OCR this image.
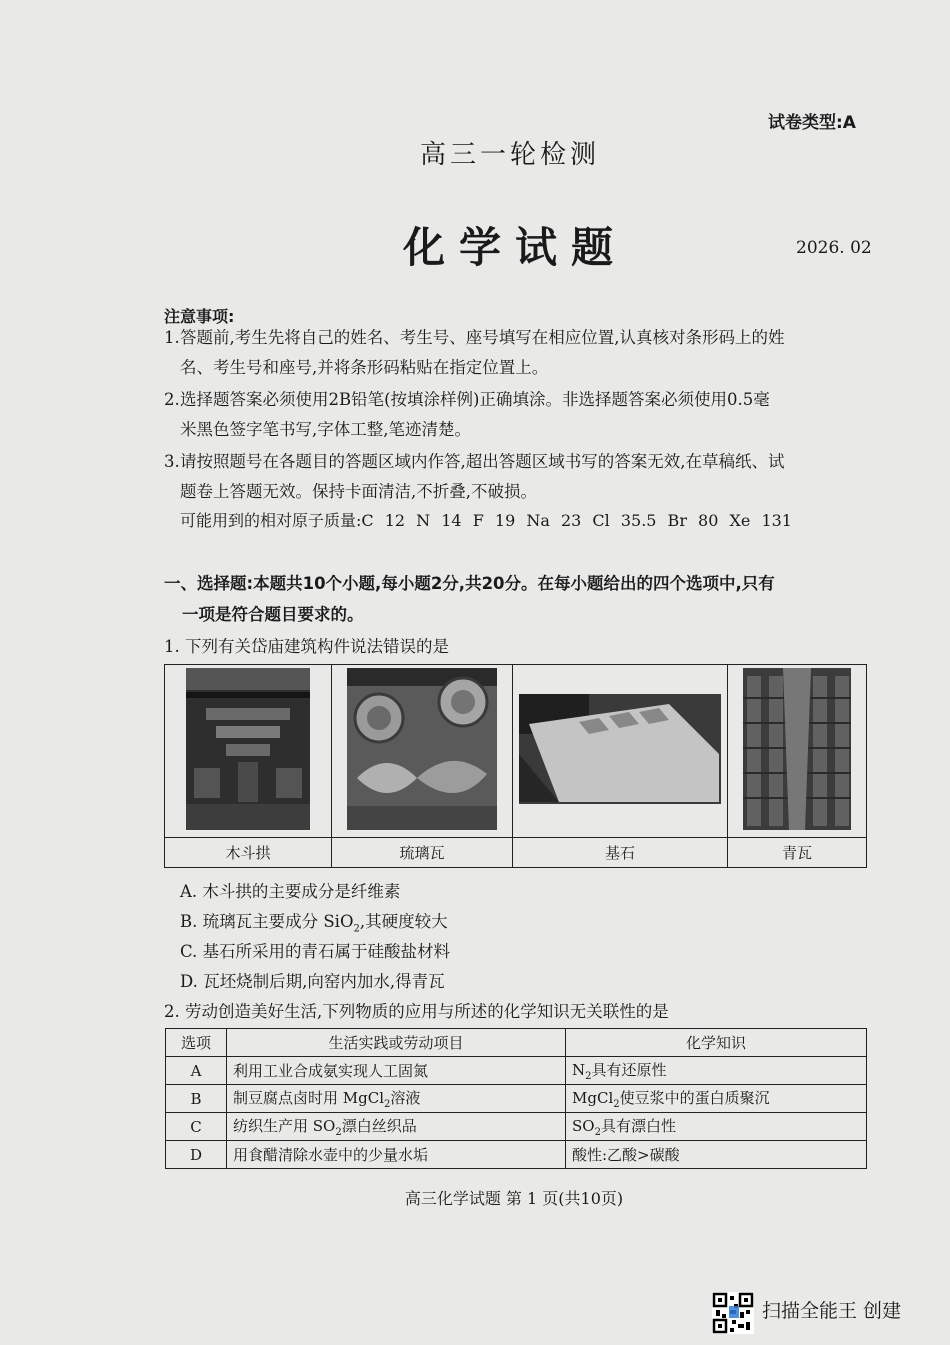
试卷类型:A
高三一轮检测
化学试题	2026. 02
注意事项:
1.答题前,考生先将自己的姓名、考生号、座号填写在相应位置,认真核对条形码上的姓
名、考生号和座号,并将条形码粘贴在指定位置上。
2.选择题答案必须使用2B铅笔(按填涂样例)正确填涂。非选择题答案必须使用0.5毫
米黑色签字笔书写,字体工整,笔迹清楚。
3.请按照题号在各题目的答题区域内作答,超出答题区域书写的答案无效,在草稿纸、试
题卷上答题无效。保持卡面清洁,不折叠,不破损。
可能用到的相对原子质量:C 12 N 14 F 19 Na 23 Cl 35.5 Br 80 Xe 131
一、选择题:本题共10个小题,每小题2分,共20分。在每小题给出的四个选项中,只有
一项是符合题目要求的。
1. 下列有关岱庙建筑构件说法错误的是

木斗拱	琉璃瓦	基石	青瓦
A. 木斗拱的主要成分是纤维素
B. 琉璃瓦主要成分 SiO$_2$,其硬度较大
C. 基石所采用的青石属于硅酸盐材料
D. 瓦坯烧制后期,向窑内加水,得青瓦
2. 劳动创造美好生活,下列物质的应用与所述的化学知识无关联性的是
选项	生活实践或劳动项目	化学知识
A	利用工业合成氨实现人工固氮	$N_2$具有还原性
B	制豆腐点卤时用 MgCl$_2$溶液	MgCl$_2$使豆浆中的蛋白质聚沉
C	纺织生产用 $SO_2$漂白丝织品	$SO_2$具有漂白性
D	用食醋清除水壶中的少量水垢	酸性:乙酸>碳酸
高三化学试题 第 1 页(共10页)
扫描全能王 创建
